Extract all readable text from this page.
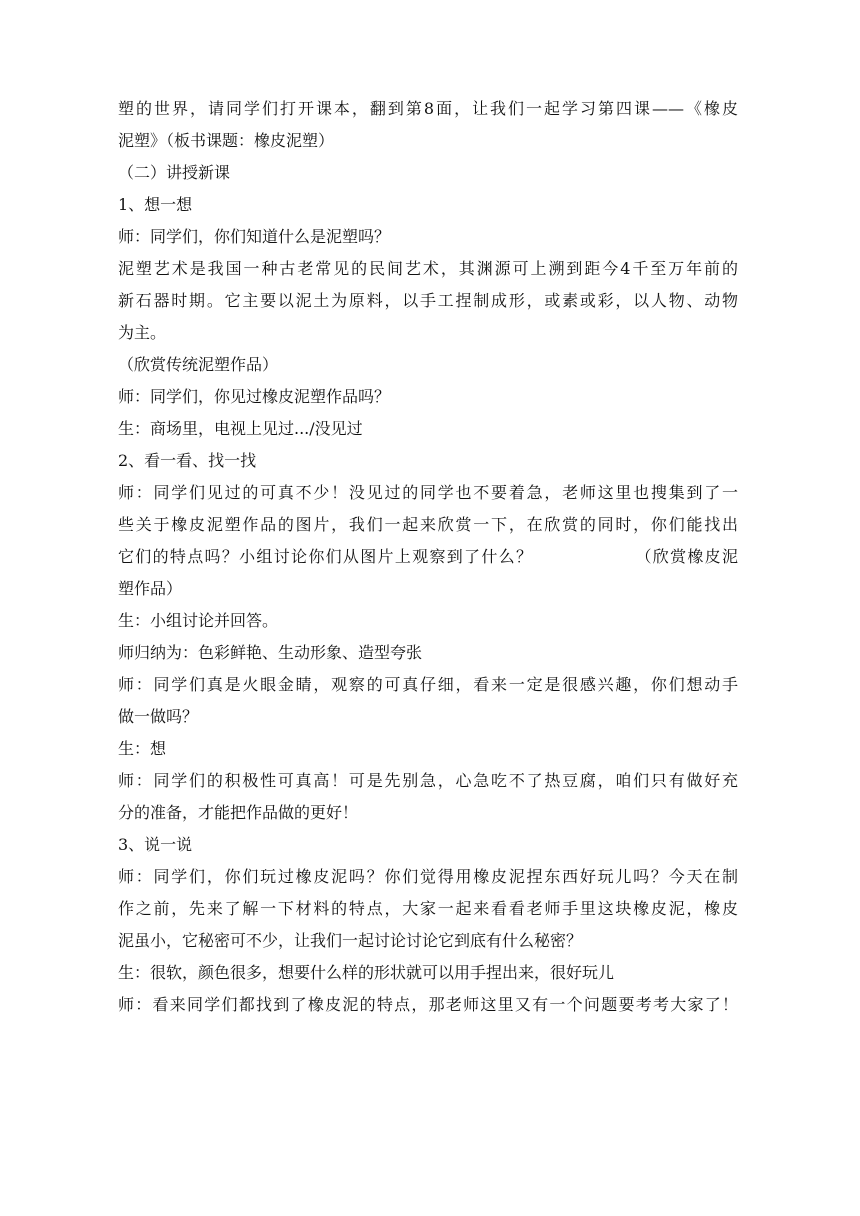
塑的世界，请同学们打开课本，翻到第8面，让我们一起学习第四课——《橡皮
泥塑》（板书课题：橡皮泥塑）
（二）讲授新课
1、想一想
师：同学们，你们知道什么是泥塑吗？
泥塑艺术是我国一种古老常见的民间艺术，其渊源可上溯到距今4千至万年前的
新石器时期。它主要以泥土为原料，以手工捏制成形，或素或彩，以人物、动物
为主。
（欣赏传统泥塑作品）
师：同学们，你见过橡皮泥塑作品吗？
生：商场里，电视上见过.../没见过
2、看一看、找一找
师：同学们见过的可真不少！没见过的同学也不要着急，老师这里也搜集到了一
些关于橡皮泥塑作品的图片，我们一起来欣赏一下，在欣赏的同时，你们能找出
它们的特点吗？小组讨论你们从图片上观察到了什么？                （欣赏橡皮泥
塑作品）
生：小组讨论并回答。
师归纳为：色彩鲜艳、生动形象、造型夸张
师：同学们真是火眼金睛，观察的可真仔细，看来一定是很感兴趣，你们想动手
做一做吗？
生：想
师：同学们的积极性可真高！可是先别急，心急吃不了热豆腐，咱们只有做好充
分的准备，才能把作品做的更好！
3、说一说
师：同学们，你们玩过橡皮泥吗？你们觉得用橡皮泥捏东西好玩儿吗？今天在制
作之前，先来了解一下材料的特点，大家一起来看看老师手里这块橡皮泥，橡皮
泥虽小，它秘密可不少，让我们一起讨论讨论它到底有什么秘密？
生：很软，颜色很多，想要什么样的形状就可以用手捏出来，很好玩儿
师：看来同学们都找到了橡皮泥的特点，那老师这里又有一个问题要考考大家了！
